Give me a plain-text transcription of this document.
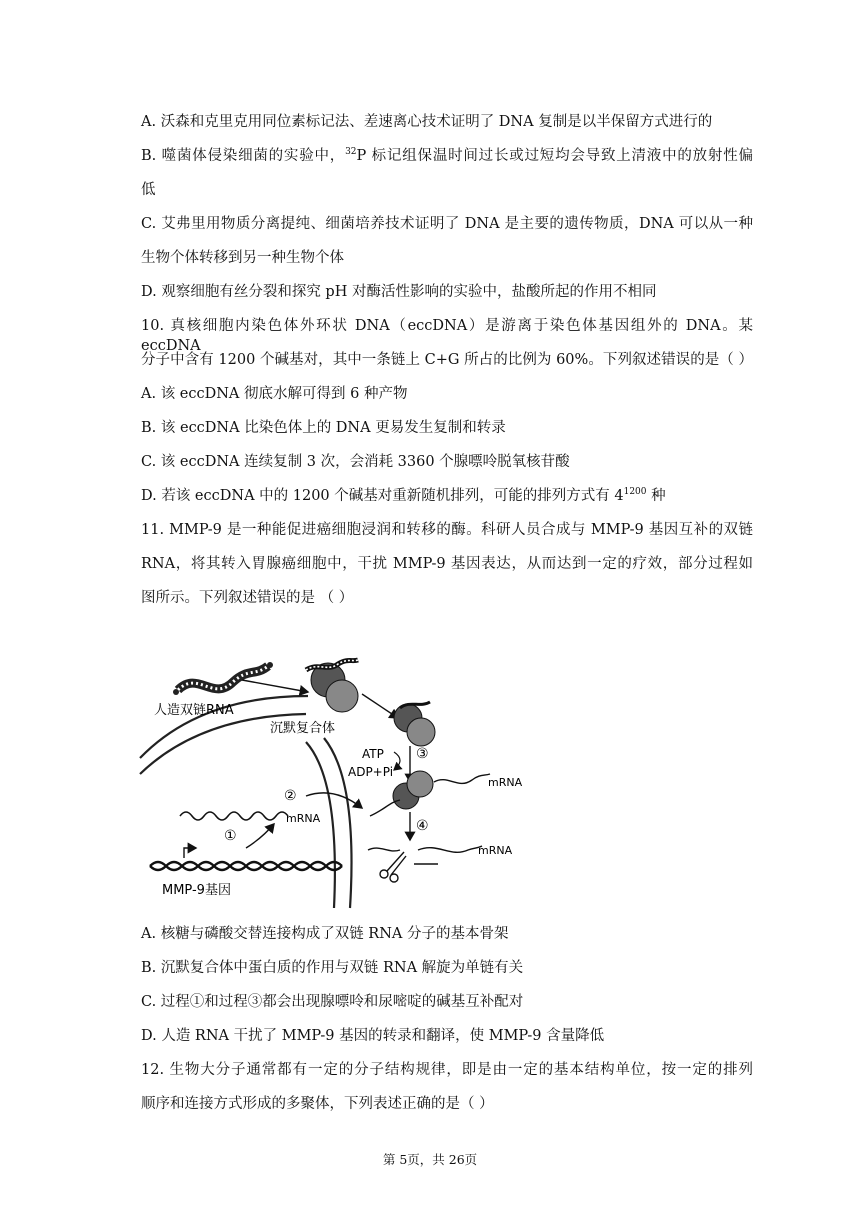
A. 沃森和克里克用同位素标记法、差速离心技术证明了 DNA 复制是以半保留方式进行的
B. 噬菌体侵染细菌的实验中，$^{32}$P 标记组保温时间过长或过短均会导致上清液中的放射性偏
低
C. 艾弗里用物质分离提纯、细菌培养技术证明了 DNA 是主要的遗传物质，DNA 可以从一种
生物个体转移到另一种生物个体
D. 观察细胞有丝分裂和探究 pH 对酶活性影响的实验中，盐酸所起的作用不相同
10. 真核细胞内染色体外环状 DNA（eccDNA）是游离于染色体基因组外的 DNA。某 eccDNA
分子中含有 1200 个碱基对，其中一条链上 C+G 所占的比例为 60%。下列叙述错误的是（ ）
A. 该 eccDNA 彻底水解可得到 6 种产物
B. 该 eccDNA 比染色体上的 DNA 更易发生复制和转录
C. 该 eccDNA 连续复制 3 次，会消耗 3360 个腺嘌呤脱氧核苷酸
D. 若该 eccDNA 中的 1200 个碱基对重新随机排列，可能的排列方式有 $4^{1200}$ 种
11. MMP-9 是一种能促进癌细胞浸润和转移的酶。科研人员合成与 MMP-9 基因互补的双链
RNA，将其转入胃腺癌细胞中，干扰 MMP-9 基因表达，从而达到一定的疗效，部分过程如
图所示。下列叙述错误的是 （ ）
人造双链RNA
沉默复合体
ATP
ADP+Pi
③
mRNA
④
mRNA
mRNA
②
①
MMP-9基因
A. 核糖与磷酸交替连接构成了双链 RNA 分子的基本骨架
B. 沉默复合体中蛋白质的作用与双链 RNA 解旋为单链有关
C. 过程①和过程③都会出现腺嘌呤和尿嘧啶的碱基互补配对
D. 人造 RNA 干扰了 MMP-9 基因的转录和翻译，使 MMP-9 含量降低
12. 生物大分子通常都有一定的分子结构规律，即是由一定的基本结构单位，按一定的排列
顺序和连接方式形成的多聚体，下列表述正确的是（ ）
第 5页，共 26页
